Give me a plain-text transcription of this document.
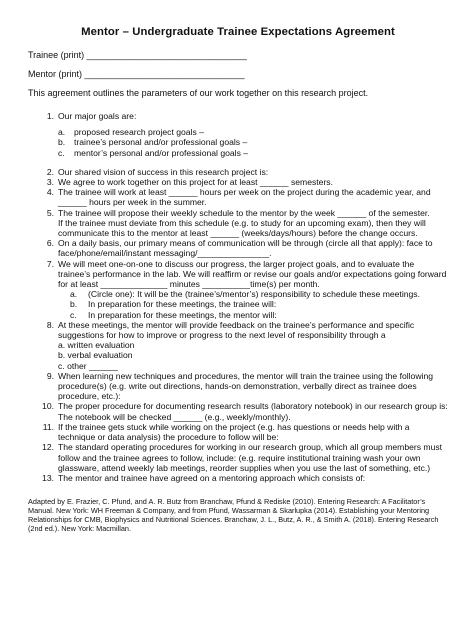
Mentor – Undergraduate Trainee Expectations Agreement
Trainee (print) ________________________________
Mentor (print) ________________________________
This agreement outlines the parameters of our work together on this research project.
1. Our major goals are:
a.	proposed research project goals –
b.	trainee’s personal and/or professional goals –
c.	mentor’s personal and/or professional goals –
2. Our shared vision of success in this research project is:
3. We agree to work together on this project for at least ______ semesters.
4. The trainee will work at least ______ hours per week on the project during the academic year, and ______ hours per week in the summer.
5. The trainee will propose their weekly schedule to the mentor by the week ______ of the semester.
If the trainee must deviate from this schedule (e.g. to study for an upcoming exam), then they will communicate this to the mentor at least ______ (weeks/days/hours) before the change occurs.
6. On a daily basis, our primary means of communication will be through (circle all that apply): face to face/phone/email/instant messaging/_______________.
7. We will meet one-on-one to discuss our progress, the larger project goals, and to evaluate the trainee’s performance in the lab. We will reaffirm or revise our goals and/or expectations going forward for at least ______________ minutes __________time(s) per month.
a.	(Circle one): It will be the (trainee’s/mentor’s) responsibility to schedule these meetings.
b.	In preparation for these meetings, the trainee will:
c.	In preparation for these meetings, the mentor will:
8. At these meetings, the mentor will provide feedback on the trainee’s performance and specific suggestions for how to improve or progress to the next level of responsibility through a
a. written evaluation
b. verbal evaluation
c. other ______
9. When learning new techniques and procedures, the mentor will train the trainee using the following procedure(s) (e.g. write out directions, hands-on demonstration, verbally direct as trainee does procedure, etc.):
10. The proper procedure for documenting research results (laboratory notebook) in our research group is: The notebook will be checked ______ (e.g., weekly/monthly).
11. If the trainee gets stuck while working on the project (e.g. has questions or needs help with a technique or data analysis) the procedure to follow will be:
12. The standard operating procedures for working in our research group, which all group members must follow and the trainee agrees to follow, include: (e.g. require institutional training wash your own glassware, attend weekly lab meetings, reorder supplies when you use the last of something, etc.)
13. The mentor and trainee have agreed on a mentoring approach which consists of:
Adapted by E. Frazier, C. Pfund, and A. R. Butz from Branchaw, Pfund & Rediske (2010). Entering Research: A Facilitator’s Manual. New York: WH Freeman & Company, and from Pfund, Wassarman & Skarlupka (2014). Establishing your Mentoring Relationships for CMB, Biophysics and Nutritional Sciences. Branchaw, J. L., Butz, A. R., & Smith A. (2018). Entering Research (2nd ed.). New York: Macmillan.
